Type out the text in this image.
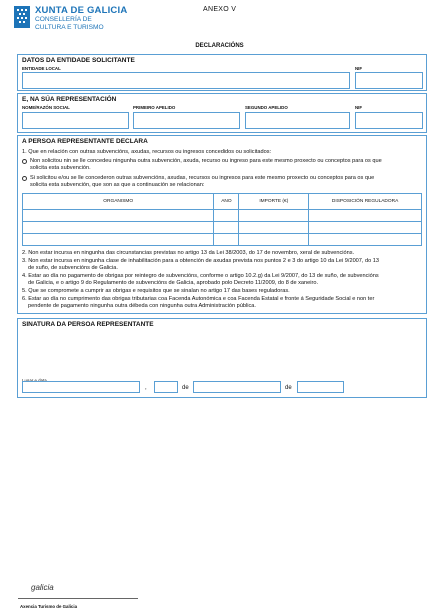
XUNTA DE GALICIA
CONSELLERÍA DE
CULTURA E TURISMO
ANEXO V
DECLARACIÓNS
DATOS DA ENTIDADE SOLICITANTE
ENTIDADE LOCAL	NIF
E, NA SÚA REPRESENTACIÓN
NOME/RAZÓN SOCIAL	PRIMEIRO APELIDO	SEGUNDO APELIDO	NIF
A PERSOA REPRESENTANTE DECLARA
1. Que en relación con outras subvencións, axudas, recursos ou ingresos concedidos ou solicitados:
Non solicitou nin se lle concedeu ningunha outra subvención, axuda, recurso ou ingreso para este mesmo proxecto ou conceptos para os que
solicita esta subvención.
Si solicitou e/ou se lle concederon outras subvencións, axudas, recursos ou ingresos para este mesmo proxecto ou conceptos para os que
solicita esta subvención, que son as que a continuación se relacionan:
ORGANISMO	ANO	IMPORTE (€)	DISPOSICIÓN REGULADORA

2. Non estar incursa en ningunha das circunstancias previstas no artigo 13 da Lei 38/2003, do 17 de novembro, xeral de subvencións.
3. Non estar incursa en ningunha clase de inhabilitación para a obtención de axudas prevista nos puntos 2 e 3 do artigo 10 da Lei 9/2007, do 13
de xuño, de subvencións de Galicia.
4. Estar ao día no pagamento de obrigas por reintegro de subvencións, conforme o artigo 10.2.g) da Lei 9/2007, do 13 de xuño, de subvencións
de Galicia, e o artigo 9 do Regulamento de subvencións de Galicia, aprobado polo Decreto 11/2009, do 8 de xaneiro.
5. Que se compromete a cumprir as obrigas e requisitos que se sinalan no artigo 17 das bases reguladoras.
6. Estar ao día no cumprimento das obrigas tributarias coa Facenda Autonómica e coa Facenda Estatal e fronte á Seguridade Social e non ter
pendente de pagamento ningunha outra débeda con ningunha outra Administración pública.
SINATURA DA PERSOA REPRESENTANTE
,	de	de
galicia
Axencia Turismo de Galicia
